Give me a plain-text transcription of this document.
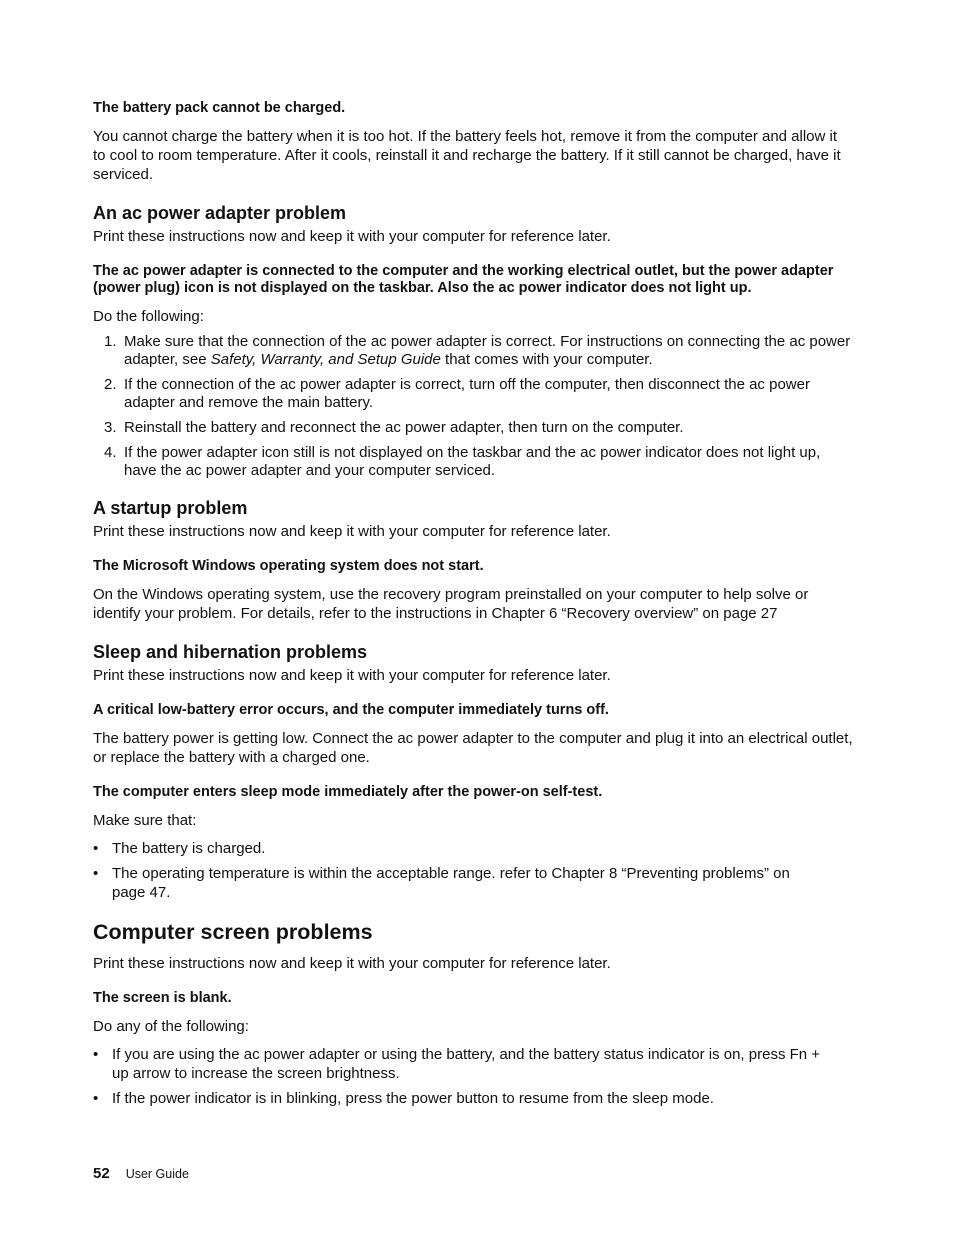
The battery pack cannot be charged.

You cannot charge the battery when it is too hot. If the battery feels hot, remove it from the computer and allow it to cool to room temperature. After it cools, reinstall it and recharge the battery. If it still cannot be charged, have it serviced.

An ac power adapter problem

Print these instructions now and keep it with your computer for reference later.

The ac power adapter is connected to the computer and the working electrical outlet, but the power adapter (power plug) icon is not displayed on the taskbar. Also the ac power indicator does not light up.

Do the following:

1. Make sure that the connection of the ac power adapter is correct. For instructions on connecting the ac power adapter, see Safety, Warranty, and Setup Guide that comes with your computer.
2. If the connection of the ac power adapter is correct, turn off the computer, then disconnect the ac power adapter and remove the main battery.
3. Reinstall the battery and reconnect the ac power adapter, then turn on the computer.
4. If the power adapter icon still is not displayed on the taskbar and the ac power indicator does not light up, have the ac power adapter and your computer serviced.
A startup problem

Print these instructions now and keep it with your computer for reference later.

The Microsoft Windows operating system does not start.

On the Windows operating system, use the recovery program preinstalled on your computer to help solve or identify your problem. For details, refer to the instructions in Chapter 6 “Recovery overview” on page 27

Sleep and hibernation problems

Print these instructions now and keep it with your computer for reference later.

A critical low-battery error occurs, and the computer immediately turns off.

The battery power is getting low. Connect the ac power adapter to the computer and plug it into an electrical outlet, or replace the battery with a charged one.

The computer enters sleep mode immediately after the power-on self-test.

Make sure that:

• The battery is charged.
• The operating temperature is within the acceptable range. refer to Chapter 8 “Preventing problems” on page 47.
Computer screen problems

Print these instructions now and keep it with your computer for reference later.

The screen is blank.

Do any of the following:

• If you are using the ac power adapter or using the battery, and the battery status indicator is on, press Fn + up arrow to increase the screen brightness.
• If the power indicator is in blinking, press the power button to resume from the sleep mode.
52 User Guide
